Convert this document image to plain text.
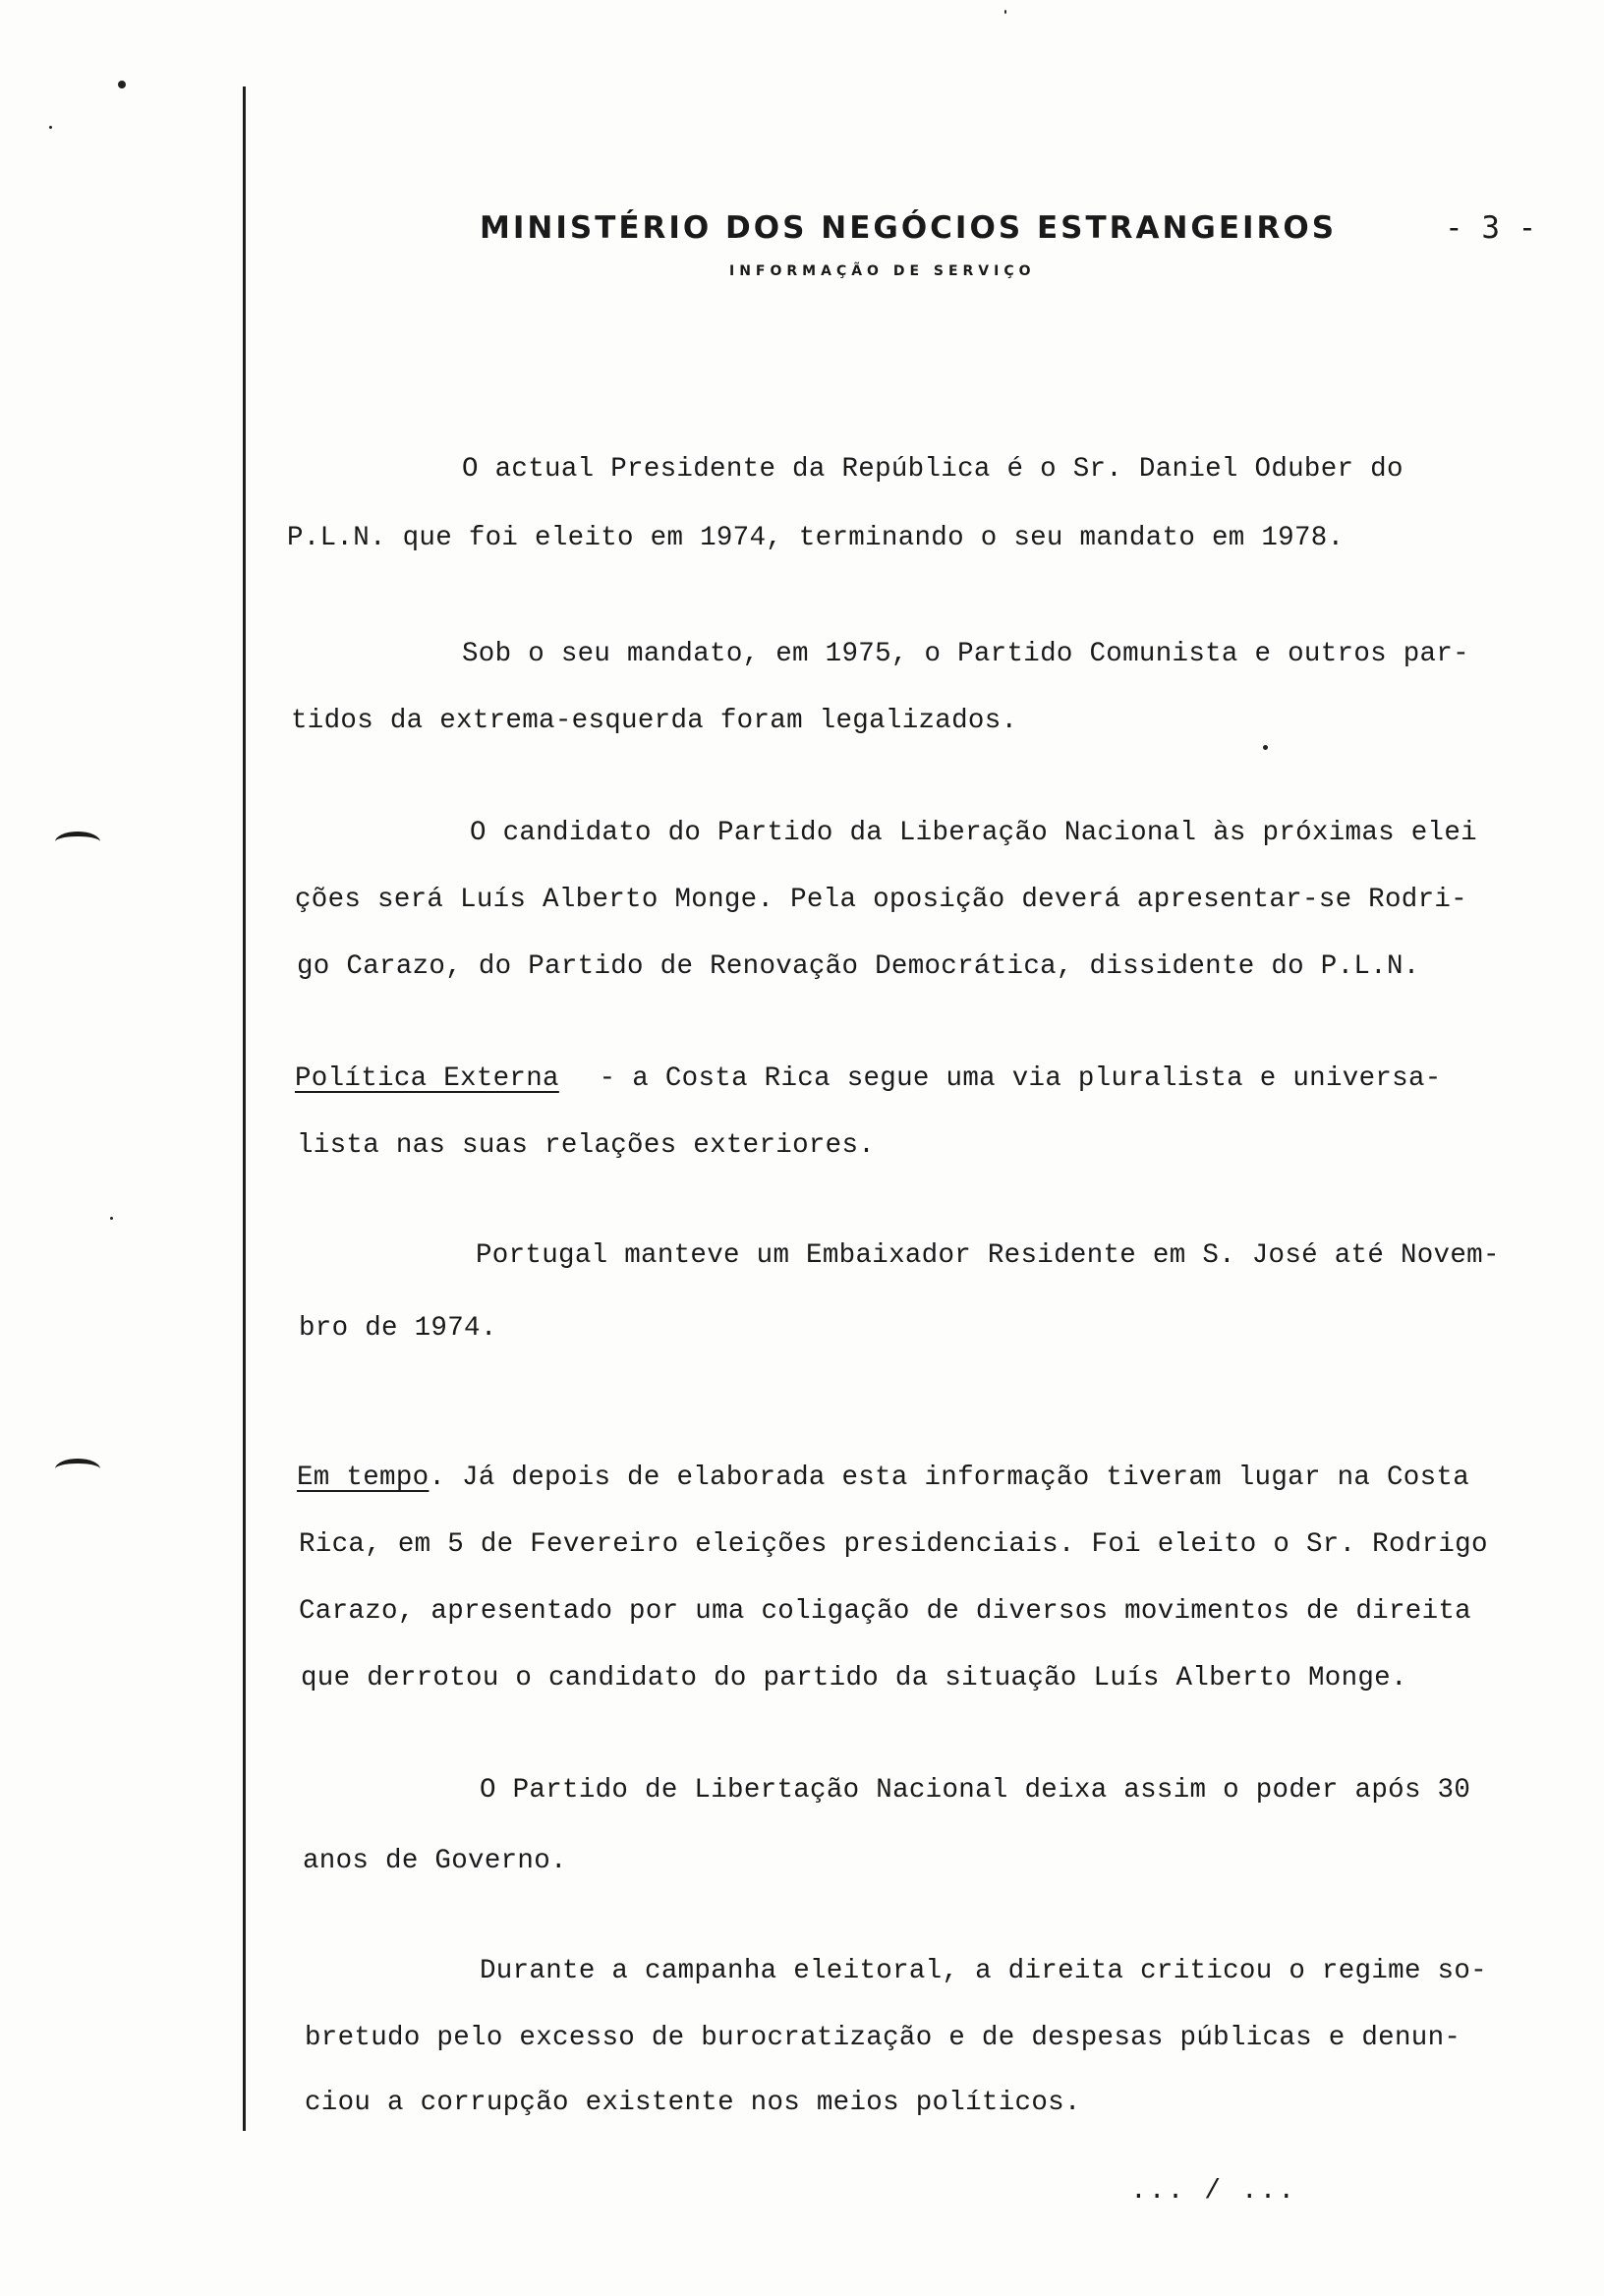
MINISTÉRIO DOS NEGÓCIOS ESTRANGEIROS
INFORMAÇÃO DE SERVIÇO
- 3 -
O actual Presidente da República é o Sr. Daniel Oduber do
P.L.N. que foi eleito em 1974, terminando o seu mandato em 1978.
Sob o seu mandato, em 1975, o Partido Comunista e outros par-
tidos da extrema-esquerda foram legalizados.
O candidato do Partido da Liberação Nacional às próximas elei
ções será Luís Alberto Monge. Pela oposição deverá apresentar-se Rodri-
go Carazo, do Partido de Renovação Democrática, dissidente do P.L.N.
Política Externa - a Costa Rica segue uma via pluralista e universa-
lista nas suas relações exteriores.
Portugal manteve um Embaixador Residente em S. José até Novem-
bro de 1974.
Em tempo. Já depois de elaborada esta informação tiveram lugar na Costa
Rica, em 5 de Fevereiro eleições presidenciais. Foi eleito o Sr. Rodrigo
Carazo, apresentado por uma coligação de diversos movimentos de direita
que derrotou o candidato do partido da situação Luís Alberto Monge.
O Partido de Libertação Nacional deixa assim o poder após 30
anos de Governo.
Durante a campanha eleitoral, a direita criticou o regime so-
bretudo pelo excesso de burocratização e de despesas públicas e denun-
ciou a corrupção existente nos meios políticos.
... / ...
